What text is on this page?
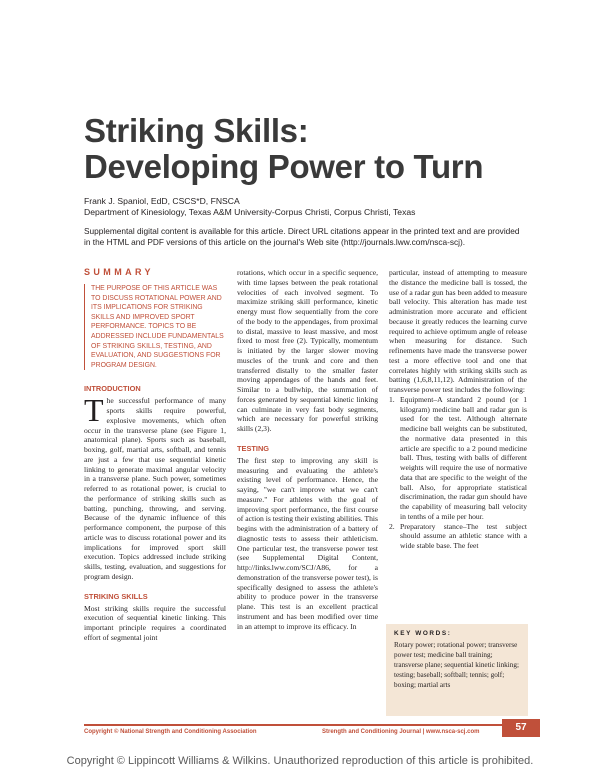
Striking Skills:
Developing Power to Turn
Frank J. Spaniol, EdD, CSCS*D, FNSCA
Department of Kinesiology, Texas A&M University-Corpus Christi, Corpus Christi, Texas
Supplemental digital content is available for this article. Direct URL citations appear in the printed text and are provided in the HTML and PDF versions of this article on the journal's Web site (http://journals.lww.com/nsca-scj).
SUMMARY
THE PURPOSE OF THIS ARTICLE WAS TO DISCUSS ROTATIONAL POWER AND ITS IMPLICATIONS FOR STRIKING SKILLS AND IMPROVED SPORT PERFORMANCE. TOPICS TO BE ADDRESSED INCLUDE FUNDAMENTALS OF STRIKING SKILLS, TESTING, AND EVALUATION, AND SUGGESTIONS FOR PROGRAM DESIGN.
INTRODUCTION

The successful performance of many sports skills require powerful, explosive movements, which often occur in the transverse plane (see Figure 1, anatomical plane). Sports such as baseball, boxing, golf, martial arts, softball, and tennis are just a few that use sequential kinetic linking to generate maximal angular velocity in a transverse plane. Such power, sometimes referred to as rotational power, is crucial to the performance of striking skills such as batting, punching, throwing, and serving. Because of the dynamic influence of this performance component, the purpose of this article was to discuss rotational power and its implications for improved sport skill execution. Topics addressed include striking skills, testing, evaluation, and suggestions for program design.

STRIKING SKILLS

Most striking skills require the successful execution of sequential kinetic linking. This important principle requires a coordinated effort of segmental joint

rotations, which occur in a specific sequence, with time lapses between the peak rotational velocities of each involved segment. To maximize striking skill performance, kinetic energy must flow sequentially from the core of the body to the appendages, from proximal to distal, massive to least massive, and most fixed to most free (2). Typically, momentum is initiated by the larger slower moving muscles of the trunk and core and then transferred distally to the smaller faster moving appendages of the hands and feet. Similar to a bullwhip, the summation of forces generated by sequential kinetic linking can culminate in very fast body segments, which are necessary for powerful striking skills (2,3).

TESTING

The first step to improving any skill is measuring and evaluating the athlete's existing level of performance. Hence, the saying, "we can't improve what we can't measure." For athletes with the goal of improving sport performance, the first course of action is testing their existing abilities. This begins with the administration of a battery of diagnostic tests to assess their athleticism. One particular test, the transverse power test (see Supplemental Digital Content, http://links.lww.com/SCJ/A86, for a demonstration of the transverse power test), is specifically designed to assess the athlete's ability to produce power in the transverse plane. This test is an excellent practical instrument and has been modified over time in an attempt to improve its efficacy. In

particular, instead of attempting to measure the distance the medicine ball is tossed, the use of a radar gun has been added to measure ball velocity. This alteration has made test administration more accurate and efficient because it greatly reduces the learning curve required to achieve optimum angle of release when measuring for distance. Such refinements have made the transverse power test a more effective tool and one that correlates highly with striking skills such as batting (1,6,8,11,12). Administration of the transverse power test includes the following:

1. Equipment–A standard 2 pound (or 1 kilogram) medicine ball and radar gun is used for the test. Although alternate medicine ball weights can be substituted, the normative data presented in this article are specific to a 2 pound medicine ball. Thus, testing with balls of different weights will require the use of normative data that are specific to the weight of the ball. Also, for appropriate statistical discrimination, the radar gun should have the capability of measuring ball velocity in tenths of a mile per hour.
2. Preparatory stance–The test subject should assume an athletic stance with a wide stable base. The feet
KEY WORDS:
Rotary power; rotational power; transverse power test; medicine ball training; transverse plane; sequential kinetic linking; testing; baseball; softball; tennis; golf; boxing; martial arts
Copyright © National Strength and Conditioning Association	Strength and Conditioning Journal | www.nsca-scj.com	57
Copyright © Lippincott Williams & Wilkins. Unauthorized reproduction of this article is prohibited.
